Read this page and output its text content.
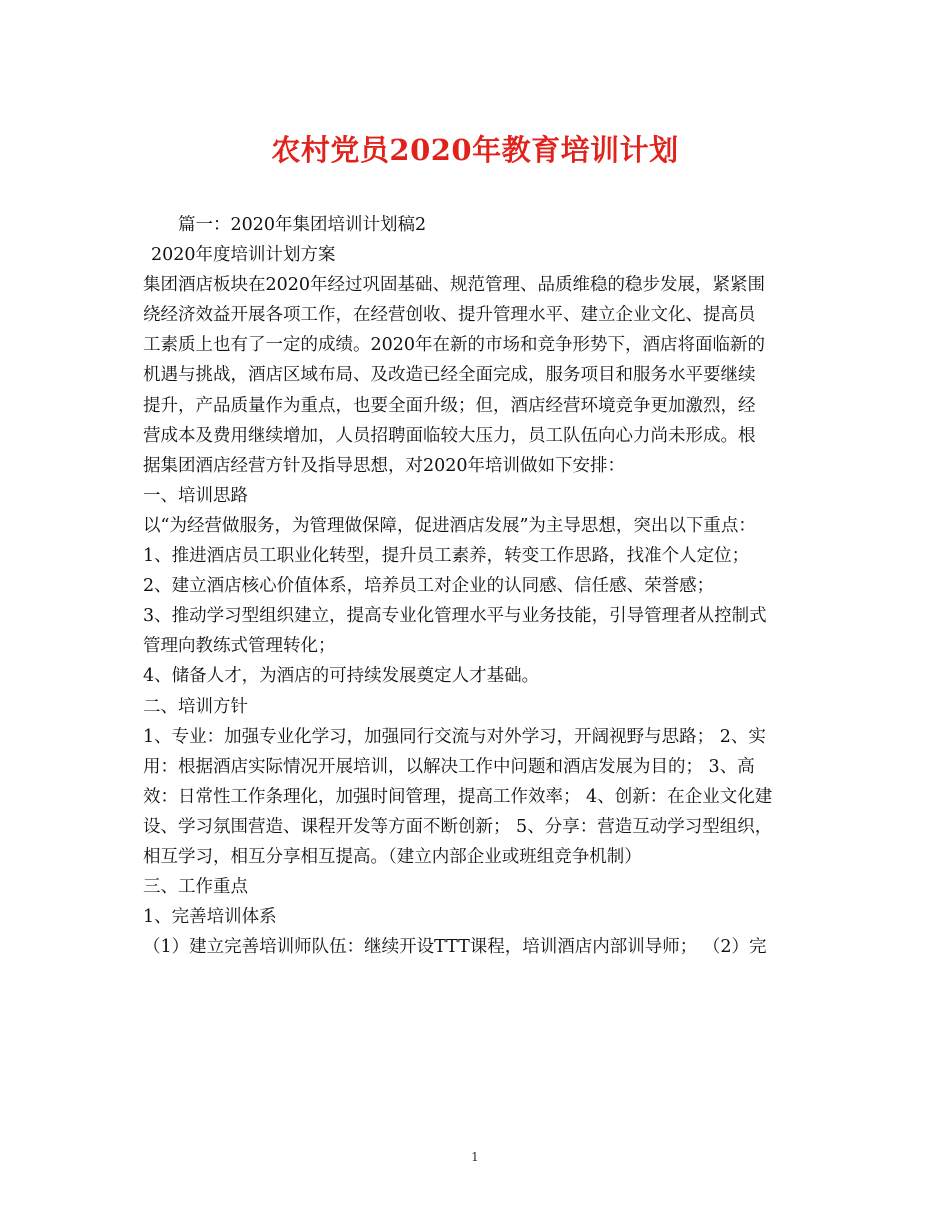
农村党员2020年教育培训计划
篇一：2020年集团培训计划稿2
2020年度培训计划方案
集团酒店板块在2020年经过巩固基础、规范管理、品质维稳的稳步发展，紧紧围
绕经济效益开展各项工作，在经营创收、提升管理水平、建立企业文化、提高员
工素质上也有了一定的成绩。2020年在新的市场和竞争形势下，酒店将面临新的
机遇与挑战，酒店区域布局、及改造已经全面完成，服务项目和服务水平要继续
提升，产品质量作为重点，也要全面升级；但，酒店经营环境竞争更加激烈，经
营成本及费用继续增加，人员招聘面临较大压力，员工队伍向心力尚未形成。根
据集团酒店经营方针及指导思想，对2020年培训做如下安排：
一、培训思路
以“为经营做服务，为管理做保障，促进酒店发展”为主导思想，突出以下重点：
1、推进酒店员工职业化转型，提升员工素养，转变工作思路，找准个人定位；
2、建立酒店核心价值体系，培养员工对企业的认同感、信任感、荣誉感；
3、推动学习型组织建立，提高专业化管理水平与业务技能，引导管理者从控制式
管理向教练式管理转化；
4、储备人才，为酒店的可持续发展奠定人才基础。
二、培训方针
1、专业：加强专业化学习，加强同行交流与对外学习，开阔视野与思路； 2、实
用：根据酒店实际情况开展培训，以解决工作中问题和酒店发展为目的； 3、高
效：日常性工作条理化，加强时间管理，提高工作效率； 4、创新：在企业文化建
设、学习氛围营造、课程开发等方面不断创新； 5、分享：营造互动学习型组织，
相互学习，相互分享相互提高。（建立内部企业或班组竞争机制）
三、工作重点
1、完善培训体系
（1）建立完善培训师队伍：继续开设TTT课程，培训酒店内部训导师； （2）完
1
